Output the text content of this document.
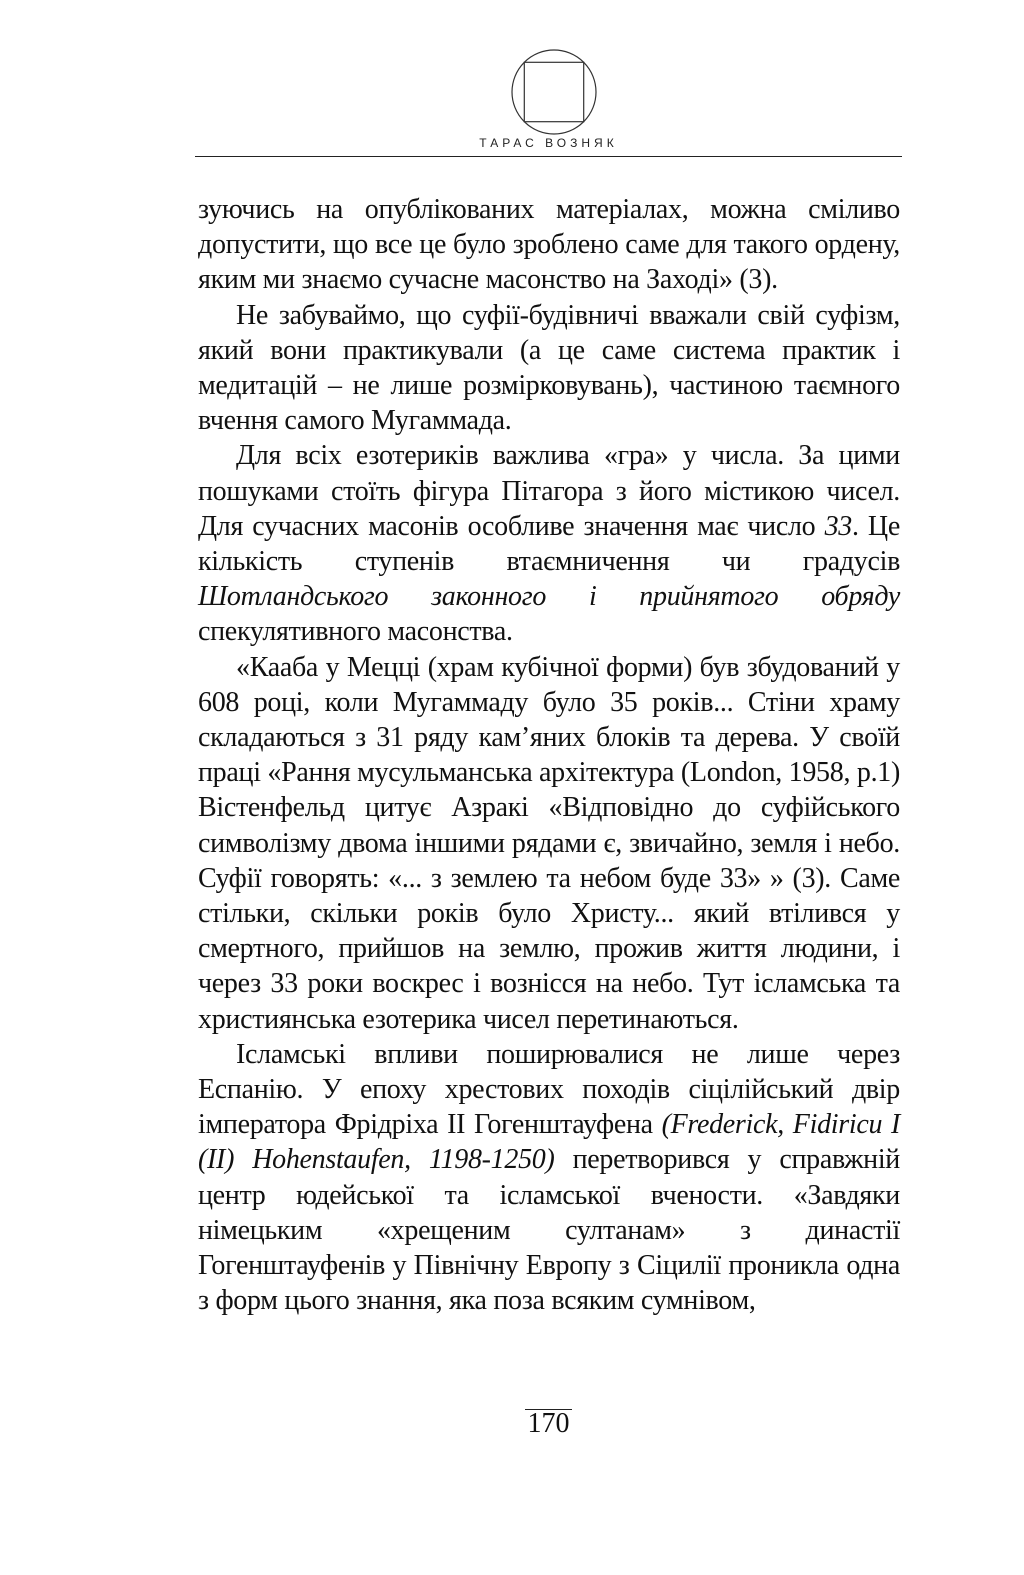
ТАРАС ВОЗНЯК

зуючись на опублікованих матеріалах, можна сміливо допустити, що все це було зроблено саме для такого ордену, яким ми знаємо сучасне масонство на Заході» (3).

Не забуваймо, що суфії-будівничі вважали свій суфізм, який вони практикували (а це саме система практик і медитацій – не лише розмірковувань), частиною таємного вчення самого Мугаммада.

Для всіх езотериків важлива «гра» у числа. За цими пошуками стоїть фігура Пітагора з його містикою чисел. Для сучасних масонів особливе значення має число 33. Це кількість ступенів втаємничення чи градусів Шотландського законного і прийнятого обряду спекулятивного масонства.

«Кааба у Мецці (храм кубічної форми) був збудований у 608 році, коли Мугаммаду було 35 років... Стіни храму складаються з 31 ряду кам’яних блоків та дерева. У своїй праці «Рання мусульманська архітектура (London, 1958, p.1) Вістенфельд цитує Азракі «Відповідно до суфійського символізму двома іншими рядами є, звичайно, земля і небо. Суфії говорять: «... з землею та небом буде 33» » (3). Саме стільки, скільки років було Христу... який втілився у смертного, прийшов на землю, прожив життя людини, і через 33 роки воскрес і вознісся на небо. Тут ісламська та християнська езотерика чисел перетинаються.

Ісламські впливи поширювалися не лише через Еспанію. У епоху хрестових походів сіцілійський двір імператора Фрідріха II Гогенштауфена (Frederick, Fidiricu I (II) Hohenstaufen, 1198-1250) перетворився у справжній центр юдейської та ісламської вчености. «Завдяки німецьким «хрещеним султанам» з династії Гогенштауфенів у Північну Европу з Сіцилії проникла одна з форм цього знання, яка поза всяким сумнівом,

170
